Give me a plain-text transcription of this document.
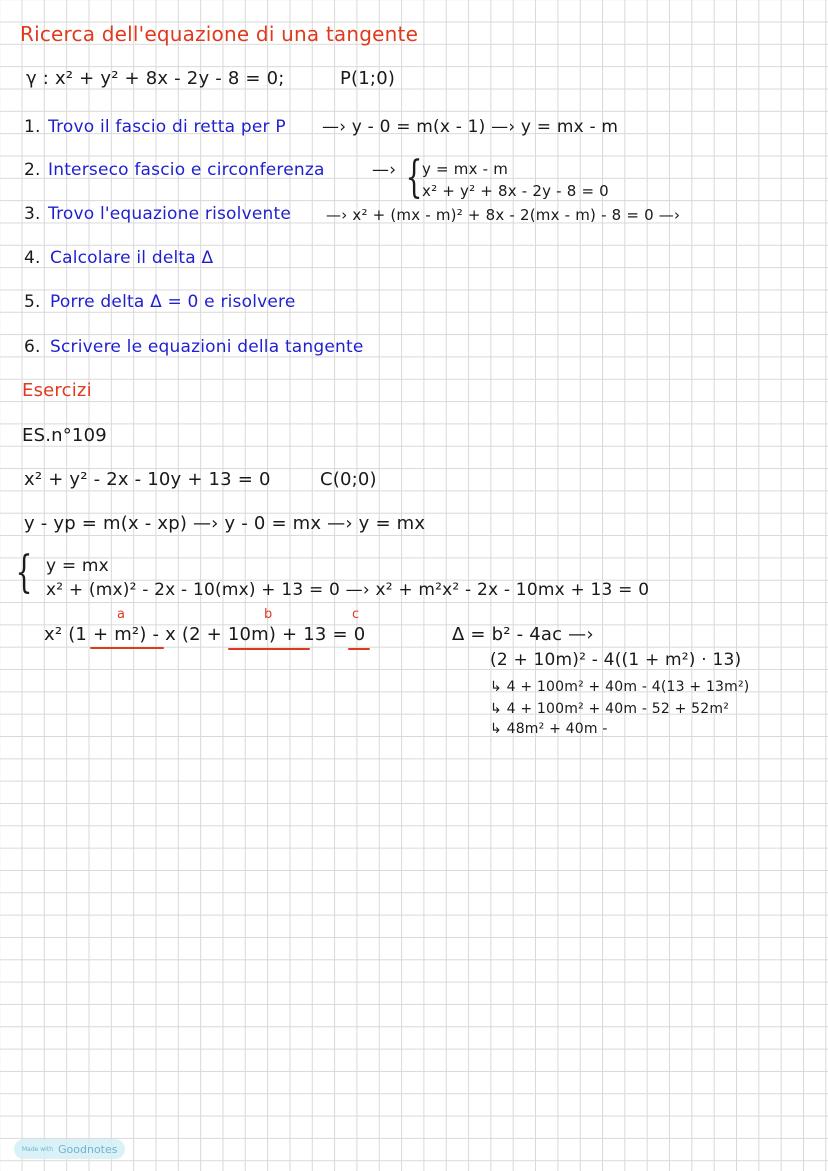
Ricerca dell'equazione di una tangente
γ : x² + y² + 8x - 2y - 8 = 0;	P(1;0)
1. Trovo il fascio di retta per P —› y - 0 = m(x - 1) —› y = mx - m
2. Interseco fascio e circonferenza	—› { y = mx - m
x² + y² + 8x - 2y - 8 = 0
3. Trovo l'equazione risolvente —› x² + (mx - m)² + 8x - 2(mx - m) - 8 = 0 —›
4. Calcolare il delta Δ
5. Porre delta Δ = 0 e risolvere
6. Scrivere le equazioni della tangente
Esercizi
ES.n°109
x² + y² - 2x - 10y + 13 = 0	C(0;0)
y - yp = m(x - xp) —› y - 0 = mx —› y = mx
{ y = mx
x² + (mx)² - 2x - 10(mx) + 13 = 0 —› x² + m²x² - 2x - 10mx + 13 = 0
a	b	c
x² (1 + m²) - x (2 + 10m) + 13 = 0	Δ = b² - 4ac —›
(2 + 10m)² - 4((1 + m²) · 13)
↳ 4 + 100m² + 40m - 4(13 + 13m²)
↳ 4 + 100m² + 40m - 52 + 52m²
↳ 48m² + 40m -
Made with Goodnotes
